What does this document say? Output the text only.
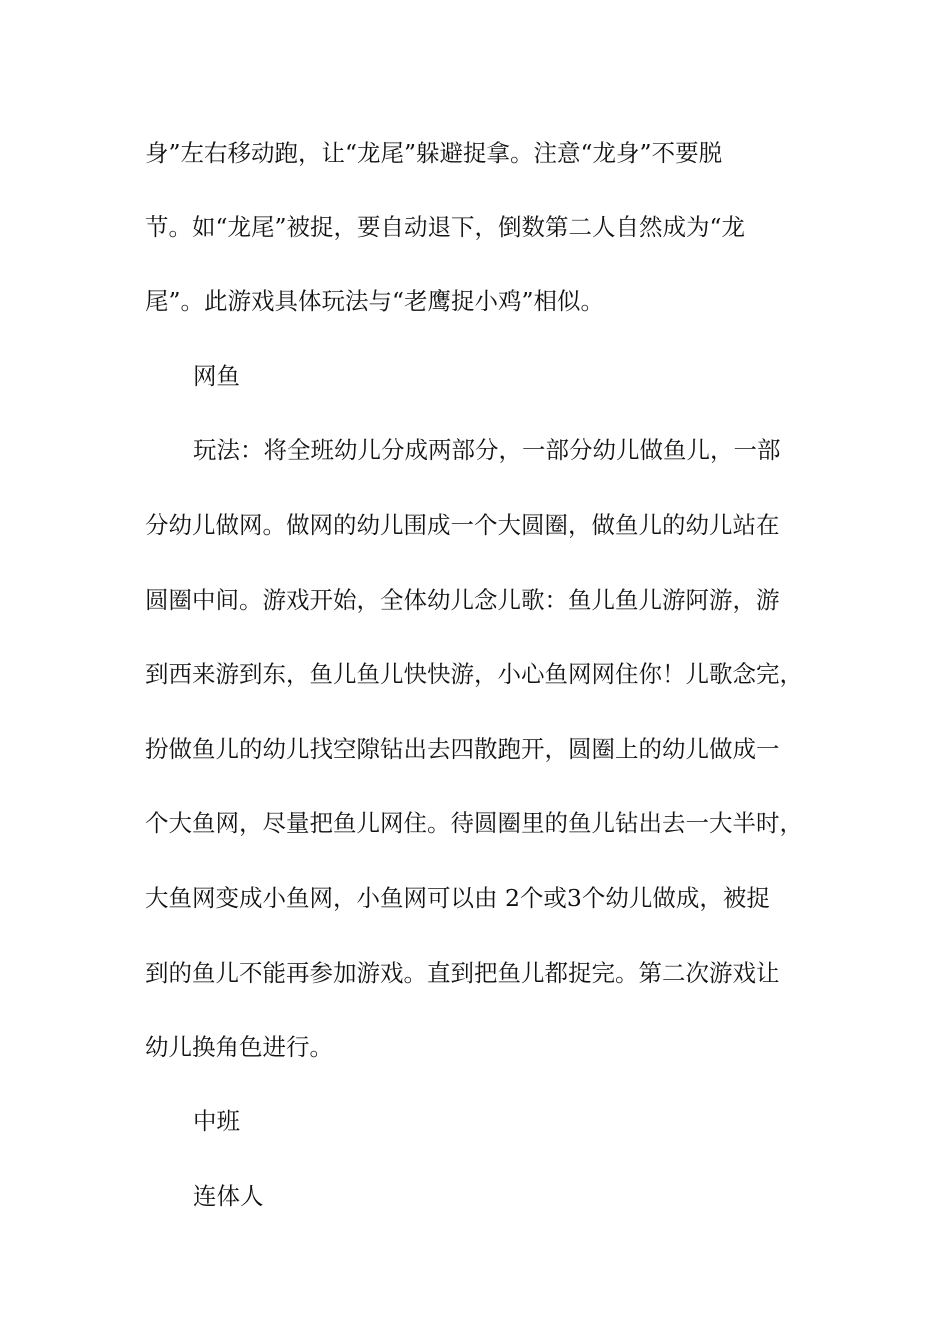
身”左右移动跑，让“龙尾”躲避捉拿。注意“龙身”不要脱
节。如“龙尾”被捉，要自动退下，倒数第二人自然成为“龙
尾”。此游戏具体玩法与“老鹰捉小鸡”相似。
网鱼
玩法：将全班幼儿分成两部分，一部分幼儿做鱼儿，一部
分幼儿做网。做网的幼儿围成一个大圆圈，做鱼儿的幼儿站在
圆圈中间。游戏开始，全体幼儿念儿歌：鱼儿鱼儿游阿游，游
到西来游到东，鱼儿鱼儿快快游，小心鱼网网住你！儿歌念完，
扮做鱼儿的幼儿找空隙钻出去四散跑开，圆圈上的幼儿做成一
个大鱼网，尽量把鱼儿网住。待圆圈里的鱼儿钻出去一大半时，
大鱼网变成小鱼网，小鱼网可以由 2个或3个幼儿做成，被捉
到的鱼儿不能再参加游戏。直到把鱼儿都捉完。第二次游戏让
幼儿换角色进行。
中班
连体人
